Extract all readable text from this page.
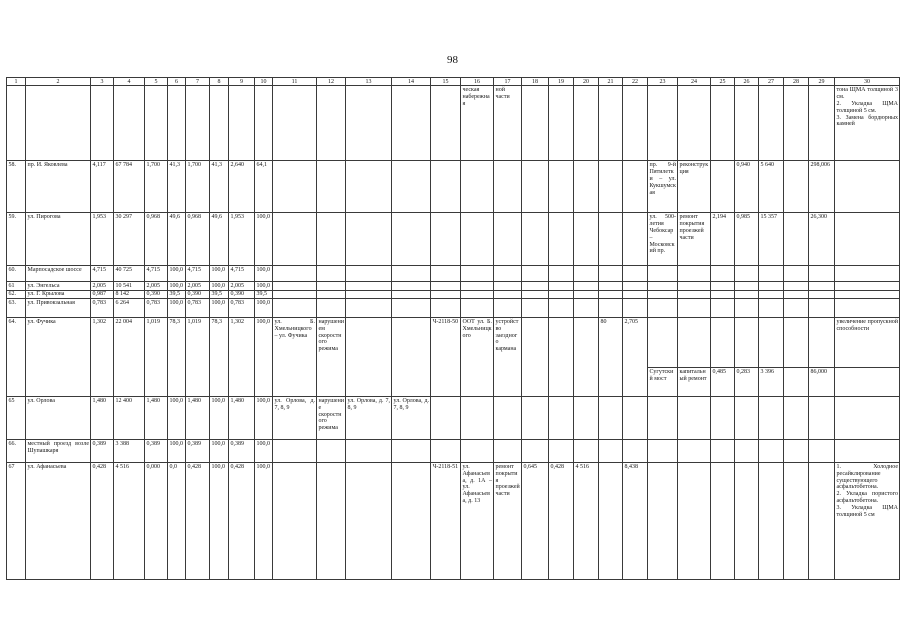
98
1	2	3	4	5	6	7	8	9	10	11	12	13	14	15	16	17	18	19	20	21	22	23	24	25	26	27	28	29	30
															ческая набережная	ной части													тона ЩМА толщиной 3 см.
2. Укладка ЩМА толщиной 5 см.
3. Замена бордюрных камней
58.	пр. И. Яковлева	4,117	67 784	1,700	41,3	1,700	41,3	2,640	64,1													пр. 9-й Пятилетки – ул. Кукшумская	реконструкция		0,940	5 640		298,006	
59.	ул. Пирогова	1,953	30 297	0,968	49,6	0,968	49,6	1,953	100,0													ул. 500-летия Чебоксар – Московский пр.	ремонт покрытия проезжей части	2,194	0,985	15 357		26,300	
60.	Марпосадское шоссе	4,715	40 725	4,715	100,0	4,715	100,0	4,715	100,0																				
61	ул. Энгельса	2,005	10 541	2,005	100,0	2,005	100,0	2,005	100,0																				
62.	ул. Г. Крылова	0,987	8 142	0,390	39,5	0,390	39,5	0,390	39,5																				
63.	ул. Привокзальная	0,783	6 264	0,783	100,0	0,783	100,0	0,783	100,0																				
64.	ул. Фучика	1,302	22 004	1,019	78,3	1,019	78,3	1,302	100,0	ул. Б. Хмельницкого – ул. Фучика	нарушением скоростного режима			Ч-2118-50	ООТ ул. Б. Хмельницкого	устройство заездного кармана				80	2,705								увеличение пропускной способности
																						Сугутский мост	капитальный ремонт	0,485	0,283	3 396		86,000	
65	ул. Орлова	1,480	12 400	1,480	100,0	1,480	100,0	1,480	100,0	ул. Орлова, д. 7, 8, 9	нарушение скоростного режима	ул. Орлова, д. 7, 8, 9	ул. Орлова, д. 7, 8, 9																
66.	местный проезд возле Шупашкаря	0,389	3 388	0,389	100,0	0,389	100,0	0,389	100,0																				
67	ул. Афанасьева	0,428	4 516	0,000	0,0	0,428	100,0	0,428	100,0					Ч-2118-51	ул. Афанасьева, д. 1А – ул. Афанасьева, д. 13	ремонт покрытия проезжей части	0,645	0,428	4 516		8,438								1. Холодное ресайклирование существующего асфальтобетона.
2. Укладка пористого асфальтобетона.
3. Укладка ЩМА толщиной 5 см
